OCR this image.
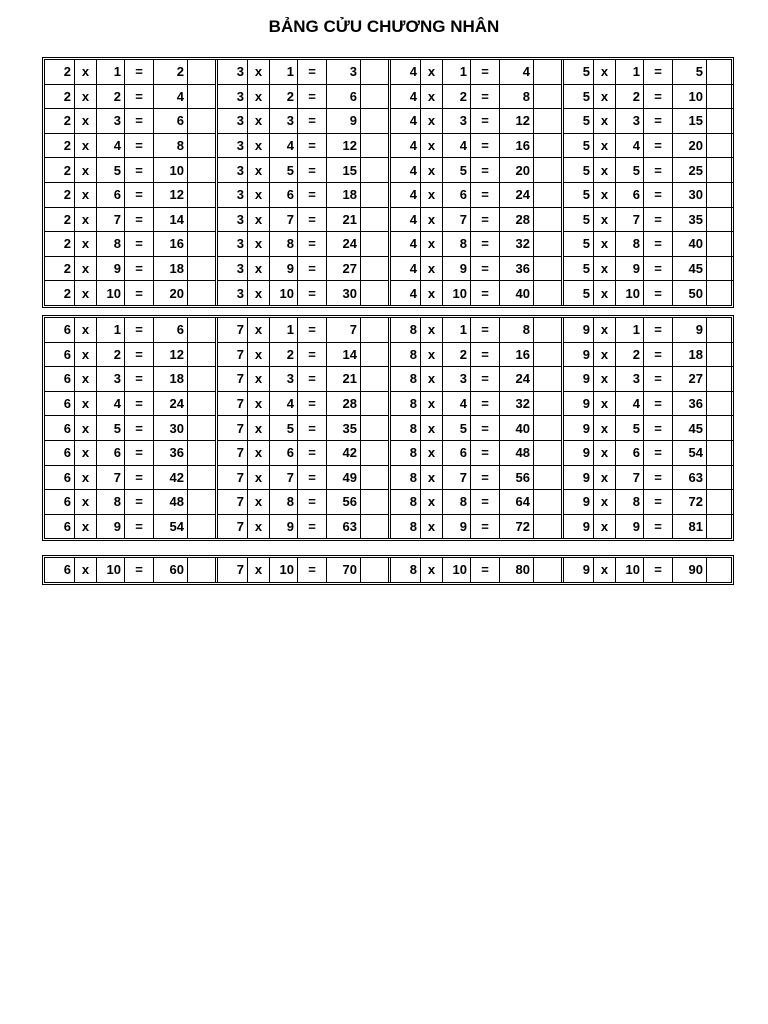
BẢNG CỬU CHƯƠNG NHÂN
2 x	1	=	2
2 x	2	=	4
2 x	3	=	6
2 x	4	=	8
2 x	5	=	10
2 x	6	=	12
2 x	7	=	14
2 x	8	=	16
2 x	9	=	18
2 x	10	=	20
3 x	1	=	3
3 x	2	=	6
3 x	3	=	9
3 x	4	=	12
3 x	5	=	15
3 x	6	=	18
3 x	7	=	21
3 x	8	=	24
3 x	9	=	27
3 x	10	=	30
4 x	1	=	4
4 x	2	=	8
4 x	3	=	12
4 x	4	=	16
4 x	5	=	20
4 x	6	=	24
4 x	7	=	28
4 x	8	=	32
4 x	9	=	36
4 x	10	=	40
5 x	1	=	5
5 x	2	=	10
5 x	3	=	15
5 x	4	=	20
5 x	5	=	25
5 x	6	=	30
5 x	7	=	35
5 x	8	=	40
5 x	9	=	45
5 x	10	=	50
6 x	1	=	6
6 x	2	=	12
6 x	3	=	18
6 x	4	=	24
6 x	5	=	30
6 x	6	=	36
6 x	7	=	42
6 x	8	=	48
6 x	9	=	54
7 x	1	=	7
7 x	2	=	14
7 x	3	=	21
7 x	4	=	28
7 x	5	=	35
7 x	6	=	42
7 x	7	=	49
7 x	8	=	56
7 x	9	=	63
8 x	1	=	8
8 x	2	=	16
8 x	3	=	24
8 x	4	=	32
8 x	5	=	40
8 x	6	=	48
8 x	7	=	56
8 x	8	=	64
8 x	9	=	72
9 x	1	=	9
9 x	2	=	18
9 x	3	=	27
9 x	4	=	36
9 x	5	=	45
9 x	6	=	54
9 x	7	=	63
9 x	8	=	72
9 x	9	=	81
6 x	10	=	60	7 x	10	=	70	8 x	10	=	80	9 x	10	=	90
